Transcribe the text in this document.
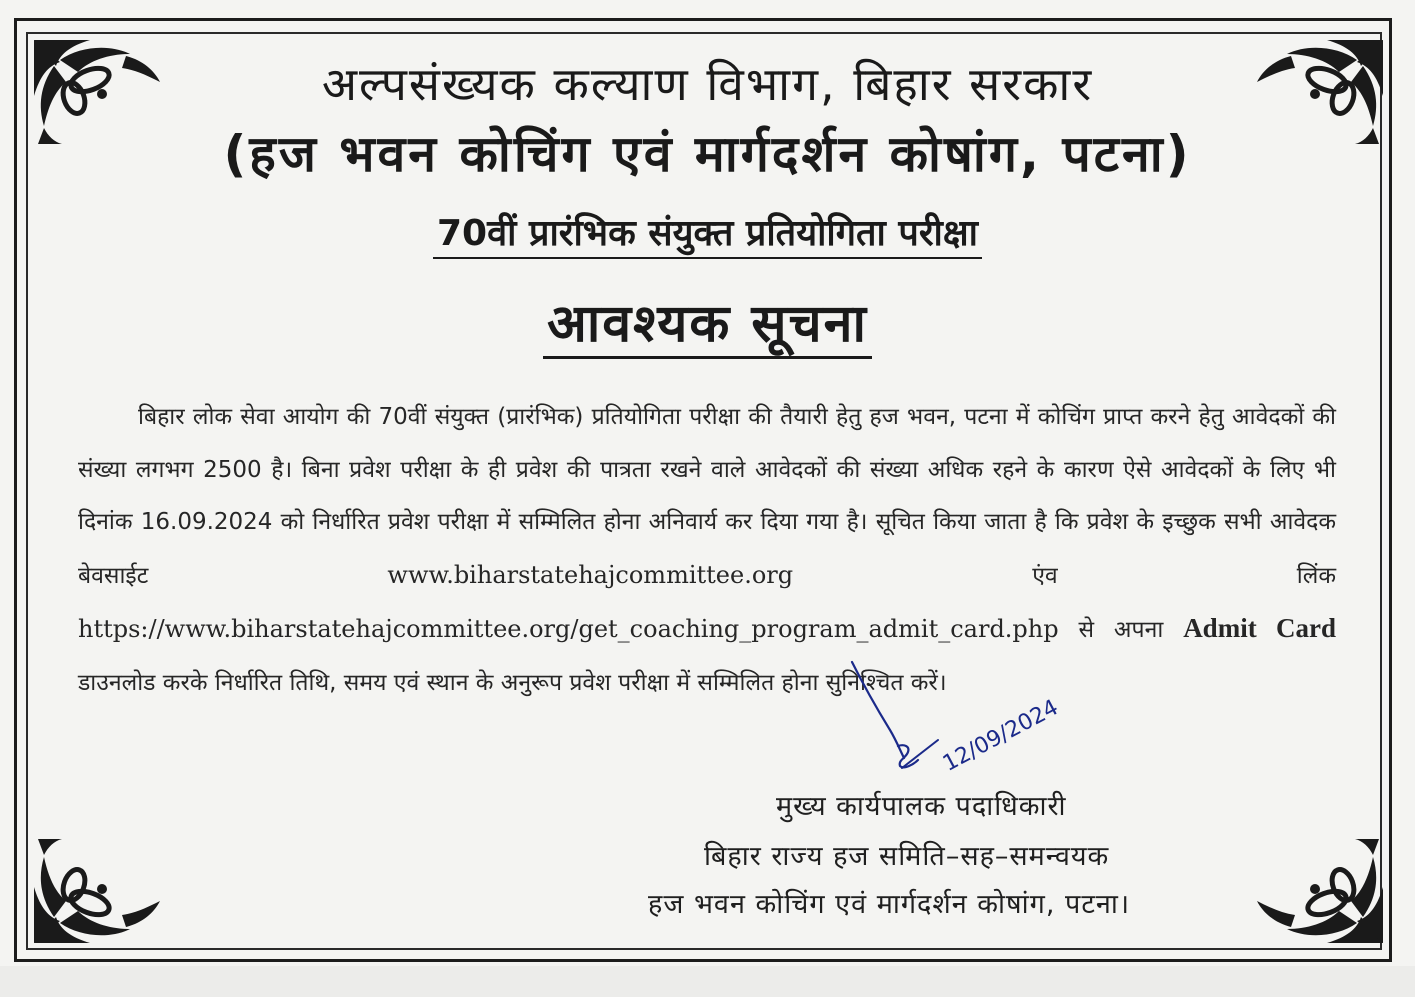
अल्पसंख्यक कल्याण विभाग, बिहार सरकार
(हज भवन कोचिंग एवं मार्गदर्शन कोषांग, पटना)
70वीं प्रारंभिक संयुक्त प्रतियोगिता परीक्षा
आवश्यक सूचना

बिहार लोक सेवा आयोग की 70वीं संयुक्त (प्रारंभिक) प्रतियोगिता परीक्षा की तैयारी हेतु हज भवन, पटना में कोचिंग प्राप्त करने हेतु आवेदकों की संख्या लगभग 2500 है। बिना प्रवेश परीक्षा के ही प्रवेश की पात्रता रखने वाले आवेदकों की संख्या अधिक रहने के कारण ऐसे आवेदकों के लिए भी दिनांक 16.09.2024 को निर्धारित प्रवेश परीक्षा में सम्मिलित होना अनिवार्य कर दिया गया है। सूचित किया जाता है कि प्रवेश के इच्छुक सभी आवेदक बेवसाईट www.biharstatehajcommittee.org एंव लिंक https://www.biharstatehajcommittee.org/get_coaching_program_admit_card.php से अपना Admit Card डाउनलोड करके निर्धारित तिथि, समय एवं स्थान के अनुरूप प्रवेश परीक्षा में सम्मिलित होना सुनिश्चित करें।

12/09/2024
मुख्य कार्यपालक पदाधिकारी
बिहार राज्य हज समिति–सह–समन्वयक
हज भवन कोचिंग एवं मार्गदर्शन कोषांग, पटना।
